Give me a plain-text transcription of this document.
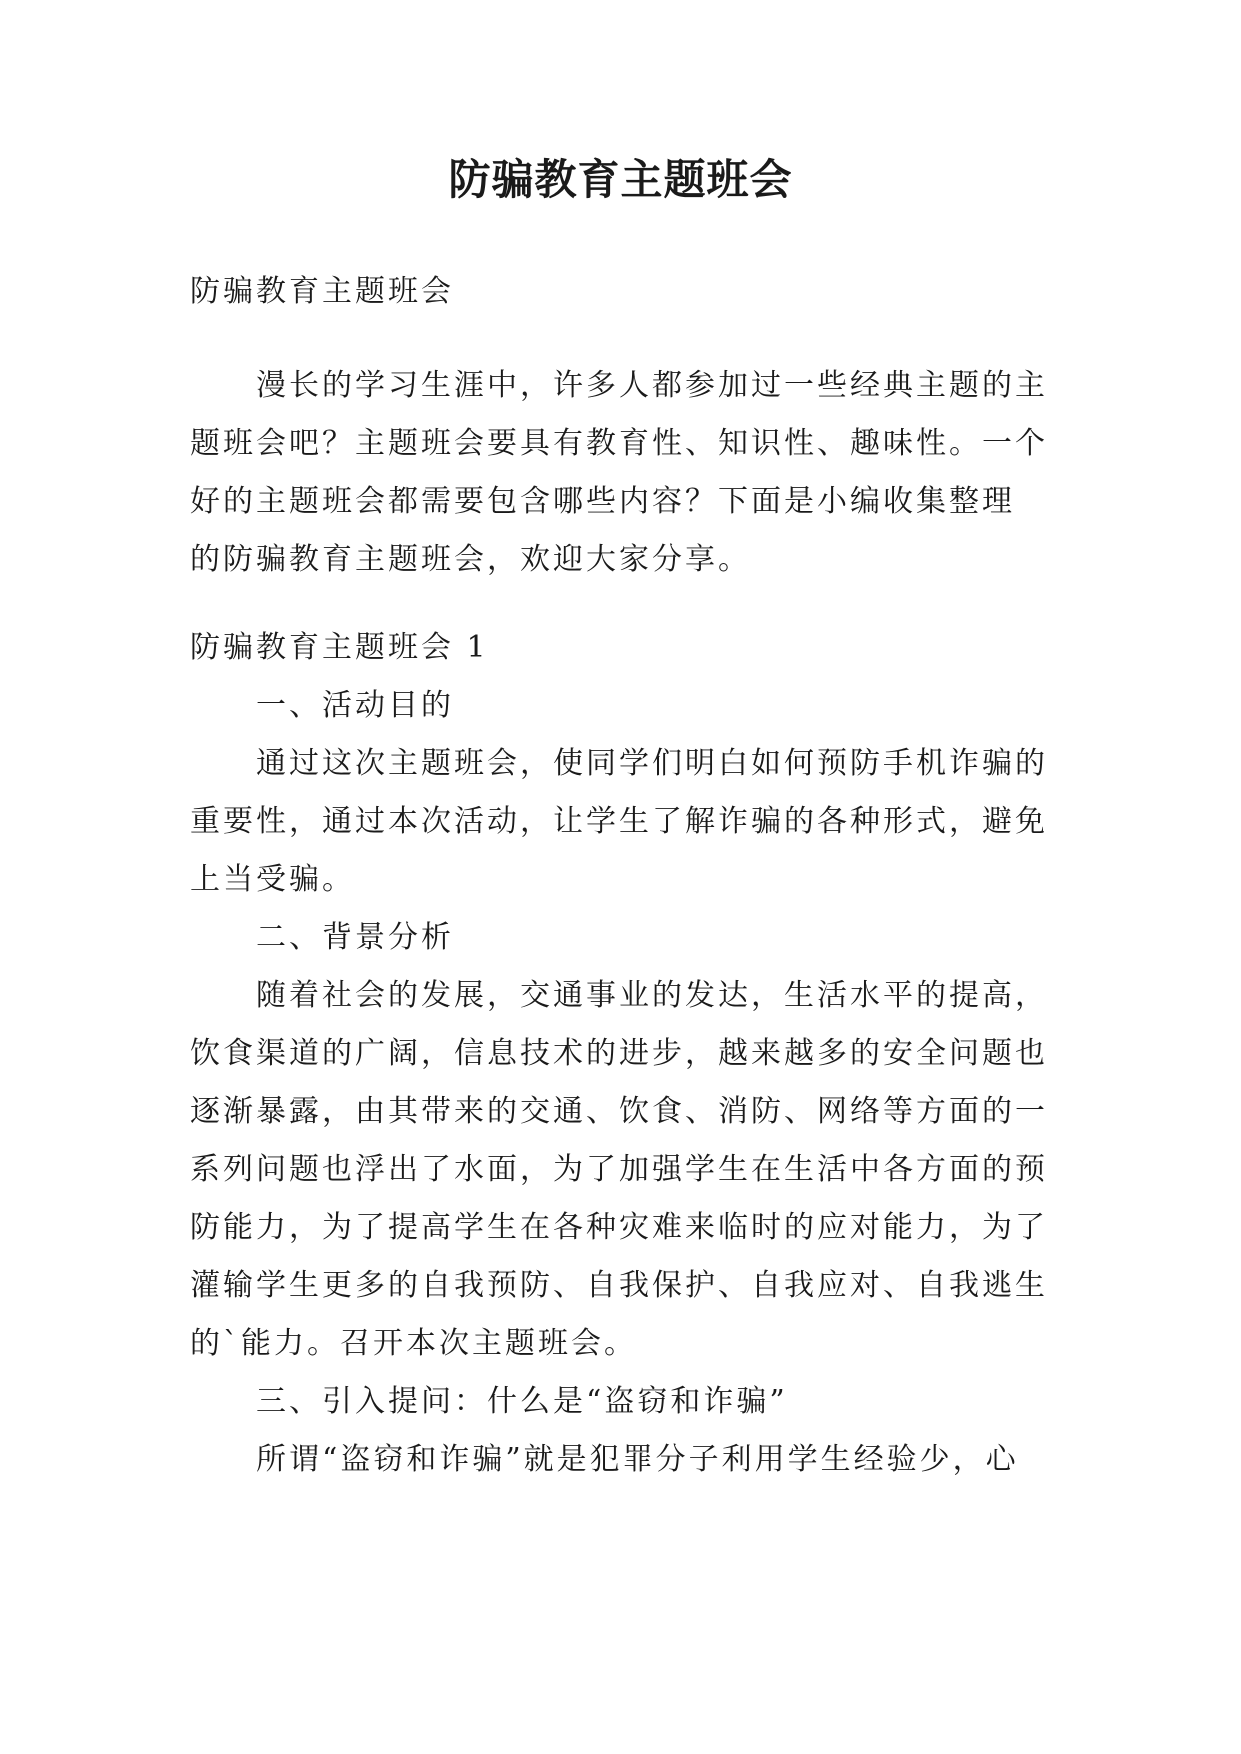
防骗教育主题班会
防骗教育主题班会
漫长的学习生涯中，许多人都参加过一些经典主题的主
题班会吧？主题班会要具有教育性、知识性、趣味性。一个
好的主题班会都需要包含哪些内容？下面是小编收集整理
的防骗教育主题班会，欢迎大家分享。
防骗教育主题班会 1
一、活动目的
通过这次主题班会，使同学们明白如何预防手机诈骗的
重要性，通过本次活动，让学生了解诈骗的各种形式，避免
上当受骗。
二、背景分析
随着社会的发展，交通事业的发达，生活水平的提高，
饮食渠道的广阔，信息技术的进步，越来越多的安全问题也
逐渐暴露，由其带来的交通、饮食、消防、网络等方面的一
系列问题也浮出了水面，为了加强学生在生活中各方面的预
防能力，为了提高学生在各种灾难来临时的应对能力，为了
灌输学生更多的自我预防、自我保护、自我应对、自我逃生
的`能力。召开本次主题班会。
三、引入提问：什么是“盗窃和诈骗”
所谓“盗窃和诈骗”就是犯罪分子利用学生经验少，心
